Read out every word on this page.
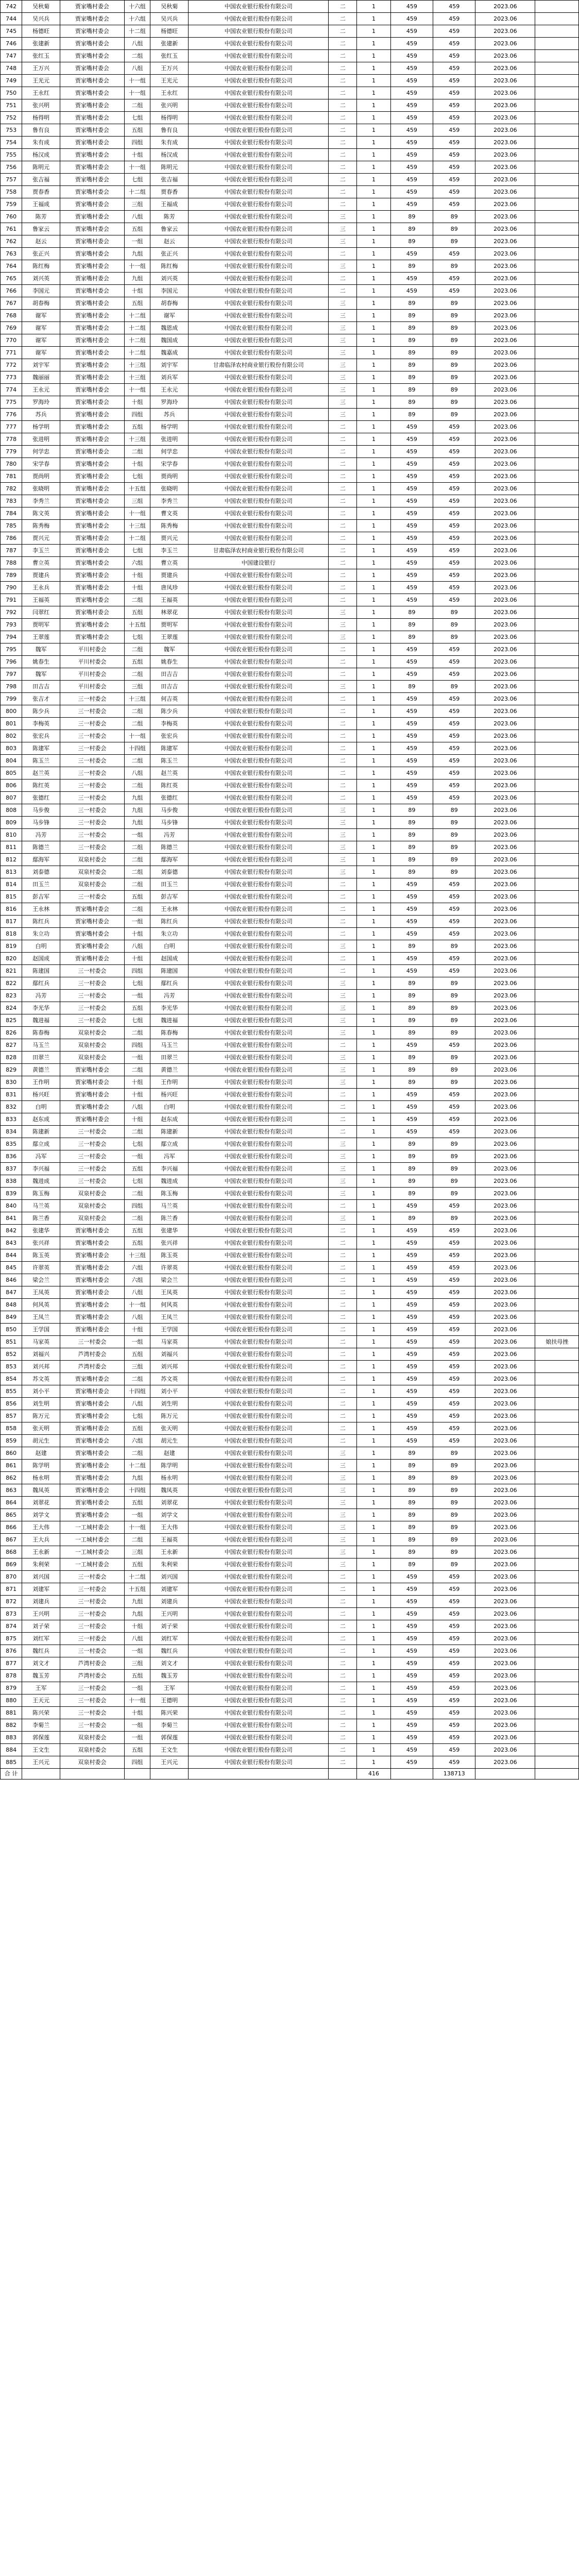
742	吴秋菊	贾家嘴村委会	十六组	吴秋菊	中国农业银行股份有限公司	二	1	459	459	2023.06	
744	吴兴兵	贾家嘴村委会	十六组	吴兴兵	中国农业银行股份有限公司	二	1	459	459	2023.06	
745	杨德旺	贾家嘴村委会	十二组	杨德旺	中国农业银行股份有限公司	二	1	459	459	2023.06	
746	张建新	贾家嘴村委会	八组	张建新	中国农业银行股份有限公司	二	1	459	459	2023.06	
747	张红玉	贾家嘴村委会	二组	张红玉	中国农业银行股份有限公司	二	1	459	459	2023.06	
748	王万兴	贾家嘴村委会	八组	王万兴	中国农业银行股份有限公司	二	1	459	459	2023.06	
749	王光元	贾家嘴村委会	十一组	王光元	中国农业银行股份有限公司	二	1	459	459	2023.06	
750	王永红	贾家嘴村委会	十一组	王永红	中国农业银行股份有限公司	二	1	459	459	2023.06	
751	张兴明	贾家嘴村委会	二组	张兴明	中国农业银行股份有限公司	二	1	459	459	2023.06	
752	杨得明	贾家嘴村委会	七组	杨得明	中国农业银行股份有限公司	二	1	459	459	2023.06	
753	鲁有良	贾家嘴村委会	五组	鲁有良	中国农业银行股份有限公司	二	1	459	459	2023.06	
754	朱有成	贾家嘴村委会	四组	朱有成	中国农业银行股份有限公司	二	1	459	459	2023.06	
755	杨汉成	贾家嘴村委会	十组	杨汉成	中国农业银行股份有限公司	二	1	459	459	2023.06	
756	陈明元	贾家嘴村委会	十一组	陈明元	中国农业银行股份有限公司	二	1	459	459	2023.06	
757	张吉福	贾家嘴村委会	七组	张吉福	中国农业银行股份有限公司	二	1	459	459	2023.06	
758	贾春香	贾家嘴村委会	十二组	贾春香	中国农业银行股份有限公司	二	1	459	459	2023.06	
759	王福成	贾家嘴村委会	三组	王福成	中国农业银行股份有限公司	二	1	459	459	2023.06	
760	陈芳	贾家嘴村委会	八组	陈芳	中国农业银行股份有限公司	三	1	89	89	2023.06	
761	鲁家云	贾家嘴村委会	五组	鲁家云	中国农业银行股份有限公司	三	1	89	89	2023.06	
762	赵云	贾家嘴村委会	一组	赵云	中国农业银行股份有限公司	三	1	89	89	2023.06	
763	张正兴	贾家嘴村委会	九组	张正兴	中国农业银行股份有限公司	二	1	459	459	2023.06	
764	陈红梅	贾家嘴村委会	十一组	陈红梅	中国农业银行股份有限公司	三	1	89	89	2023.06	
765	刘兴英	贾家嘴村委会	九组	刘兴英	中国农业银行股份有限公司	二	1	459	459	2023.06	
766	李国元	贾家嘴村委会	十组	李国元	中国农业银行股份有限公司	二	1	459	459	2023.06	
767	胡春梅	贾家嘴村委会	五组	胡春梅	中国农业银行股份有限公司	三	1	89	89	2023.06	
768	谢军	贾家嘴村委会	十二组	谢军	中国农业银行股份有限公司	三	1	89	89	2023.06	
769	谢军	贾家嘴村委会	十二组	魏恩成	中国农业银行股份有限公司	三	1	89	89	2023.06	
770	谢军	贾家嘴村委会	十二组	魏国成	中国农业银行股份有限公司	三	1	89	89	2023.06	
771	谢军	贾家嘴村委会	十二组	魏嘉成	中国农业银行股份有限公司	三	1	89	89	2023.06	
772	刘宇军	贾家嘴村委会	十三组	刘宇军	甘肃临泽农村商业银行股份有限公司	三	1	89	89	2023.06	
773	魏丽丽	贾家嘴村委会	十三组	刘兵军	中国农业银行股份有限公司	三	1	89	89	2023.06	
774	王永元	贾家嘴村委会	十一组	王永元	中国农业银行股份有限公司	三	1	89	89	2023.06	
775	罗海玲	贾家嘴村委会	十组	罗海玲	中国农业银行股份有限公司	三	1	89	89	2023.06	
776	苏兵	贾家嘴村委会	四组	苏兵	中国农业银行股份有限公司	三	1	89	89	2023.06	
777	杨学明	贾家嘴村委会	五组	杨学明	中国农业银行股份有限公司	二	1	459	459	2023.06	
778	张进明	贾家嘴村委会	十三组	张进明	中国农业银行股份有限公司	二	1	459	459	2023.06	
779	何学忠	贾家嘴村委会	二组	何学忠	中国农业银行股份有限公司	二	1	459	459	2023.06	
780	宋学春	贾家嘴村委会	十组	宋学春	中国农业银行股份有限公司	二	1	459	459	2023.06	
781	贾尚明	贾家嘴村委会	七组	贾尚明	中国农业银行股份有限公司	二	1	459	459	2023.06	
782	张晓明	贾家嘴村委会	十五组	张晓明	中国农业银行股份有限公司	二	1	459	459	2023.06	
783	李秀兰	贾家嘴村委会	三组	李秀兰	中国农业银行股份有限公司	二	1	459	459	2023.06	
784	陈文英	贾家嘴村委会	十一组	曹文英	中国农业银行股份有限公司	二	1	459	459	2023.06	
785	陈秀梅	贾家嘴村委会	十三组	陈秀梅	中国农业银行股份有限公司	二	1	459	459	2023.06	
786	贾兴元	贾家嘴村委会	十二组	贾兴元	中国农业银行股份有限公司	二	1	459	459	2023.06	
787	李玉兰	贾家嘴村委会	七组	李玉兰	甘肃临泽农村商业银行股份有限公司	二	1	459	459	2023.06	
788	曹立英	贾家嘴村委会	六组	曹立英	中国建设银行	二	1	459	459	2023.06	
789	贾建兵	贾家嘴村委会	十组	贾建兵	中国农业银行股份有限公司	二	1	459	459	2023.06	
790	王永兵	贾家嘴村委会	十组	唐凤珍	中国农业银行股份有限公司	二	1	459	459	2023.06	
791	王福英	贾家嘴村委会	二组	王福英	中国农业银行股份有限公司	二	1	459	459	2023.06	
792	闫翠红	贾家嘴村委会	五组	林翠花	中国农业银行股份有限公司	三	1	89	89	2023.06	
793	贾明军	贾家嘴村委会	十五组	贾明军	中国农业银行股份有限公司	三	1	89	89	2023.06	
794	王翠莲	贾家嘴村委会	七组	王翠莲	中国农业银行股份有限公司	三	1	89	89	2023.06	
795	魏军	平川村委会	二组	魏军	中国农业银行股份有限公司	二	1	459	459	2023.06	
796	姚春生	平川村委会	五组	姚春生	中国农业银行股份有限公司	二	1	459	459	2023.06	
797	魏军	平川村委会	二组	田吉吉	中国农业银行股份有限公司	二	1	459	459	2023.06	
798	田吉吉	平川村委会	三组	田吉吉	中国农业银行股份有限公司	三	1	89	89	2023.06	
799	张吉才	三一村委会	十三组	何吉英	中国农业银行股份有限公司	二	1	459	459	2023.06	
800	陈少兵	三一村委会	二组	陈少兵	中国农业银行股份有限公司	二	1	459	459	2023.06	
801	李梅英	三一村委会	二组	李梅英	中国农业银行股份有限公司	二	1	459	459	2023.06	
802	张宏兵	三一村委会	十一组	张宏兵	中国农业银行股份有限公司	二	1	459	459	2023.06	
803	陈建军	三一村委会	十四组	陈建军	中国农业银行股份有限公司	二	1	459	459	2023.06	
804	陈玉兰	三一村委会	二组	陈玉兰	中国农业银行股份有限公司	二	1	459	459	2023.06	
805	赵兰英	三一村委会	八组	赵兰英	中国农业银行股份有限公司	二	1	459	459	2023.06	
806	陈红英	三一村委会	二组	陈红英	中国农业银行股份有限公司	二	1	459	459	2023.06	
807	张德红	三一村委会	九组	张德红	中国农业银行股份有限公司	二	1	459	459	2023.06	
808	马步俊	三一村委会	九组	马步俊	中国农业银行股份有限公司	三	1	89	89	2023.06	
809	马步锋	三一村委会	九组	马步锋	中国农业银行股份有限公司	三	1	89	89	2023.06	
810	冯芳	三一村委会	一组	冯芳	中国农业银行股份有限公司	三	1	89	89	2023.06	
811	陈德兰	三一村委会	二组	陈德兰	中国农业银行股份有限公司	三	1	89	89	2023.06	
812	鄢海军	双泉村委会	二组	鄢海军	中国农业银行股份有限公司	三	1	89	89	2023.06	
813	刘泰德	双泉村委会	二组	刘泰德	中国农业银行股份有限公司	三	1	89	89	2023.06	
814	田玉兰	双泉村委会	二组	田玉兰	中国农业银行股份有限公司	二	1	459	459	2023.06	
815	彭吉军	三一村委会	五组	彭吉军	中国农业银行股份有限公司	二	1	459	459	2023.06	
816	王永林	贾家嘴村委会	二组	王永林	中国农业银行股份有限公司	二	1	459	459	2023.06	
817	陈红兵	贾家嘴村委会	一组	陈红兵	中国农业银行股份有限公司	二	1	459	459	2023.06	
818	朱立功	贾家嘴村委会	十组	朱立功	中国农业银行股份有限公司	二	1	459	459	2023.06	
819	白明	贾家嘴村委会	八组	白明	中国农业银行股份有限公司	三	1	89	89	2023.06	
820	赵国成	贾家嘴村委会	十组	赵国成	中国农业银行股份有限公司	二	1	459	459	2023.06	
821	陈建国	三一村委会	四组	陈建国	中国农业银行股份有限公司	二	1	459	459	2023.06	
822	鄢红兵	三一村委会	七组	鄢红兵	中国农业银行股份有限公司	三	1	89	89	2023.06	
823	冯芳	三一村委会	一组	冯芳	中国农业银行股份有限公司	三	1	89	89	2023.06	
824	李光华	三一村委会	五组	李光华	中国农业银行股份有限公司	三	1	89	89	2023.06	
825	魏进福	三一村委会	七组	魏进福	中国农业银行股份有限公司	三	1	89	89	2023.06	
826	陈春梅	双泉村委会	二组	陈春梅	中国农业银行股份有限公司	三	1	89	89	2023.06	
827	马玉兰	双泉村委会	四组	马玉兰	中国农业银行股份有限公司	二	1	459	459	2023.06	
828	田翠兰	双泉村委会	一组	田翠兰	中国农业银行股份有限公司	三	1	89	89	2023.06	
829	黄德兰	贾家嘴村委会	二组	黄德兰	中国农业银行股份有限公司	三	1	89	89	2023.06	
830	王作明	贾家嘴村委会	十组	王作明	中国农业银行股份有限公司	三	1	89	89	2023.06	
831	杨兴旺	贾家嘴村委会	十组	杨兴旺	中国农业银行股份有限公司	二	1	459	459	2023.06	
832	白明	贾家嘴村委会	八组	白明	中国农业银行股份有限公司	二	1	459	459	2023.06	
833	赵东成	贾家嘴村委会	十组	赵东成	中国农业银行股份有限公司	二	1	459	459	2023.06	
834	陈建新	三一村委会	二组	陈建新	中国农业银行股份有限公司	二	1	459	459	2023.06	
835	鄢立成	三一村委会	七组	鄢立成	中国农业银行股份有限公司	三	1	89	89	2023.06	
836	冯军	三一村委会	一组	冯军	中国农业银行股份有限公司	三	1	89	89	2023.06	
837	李兴福	三一村委会	五组	李兴福	中国农业银行股份有限公司	三	1	89	89	2023.06	
838	魏进成	三一村委会	七组	魏进成	中国农业银行股份有限公司	三	1	89	89	2023.06	
839	陈玉梅	双泉村委会	二组	陈玉梅	中国农业银行股份有限公司	三	1	89	89	2023.06	
840	马兰英	双泉村委会	四组	马兰英	中国农业银行股份有限公司	二	1	459	459	2023.06	
841	陈兰香	双泉村委会	二组	陈兰香	中国农业银行股份有限公司	三	1	89	89	2023.06	
842	张建华	贾家嘴村委会	五组	张建华	中国农业银行股份有限公司	二	1	459	459	2023.06	
843	张兴祥	贾家嘴村委会	五组	张兴祥	中国农业银行股份有限公司	二	1	459	459	2023.06	
844	陈玉英	贾家嘴村委会	十三组	陈玉英	中国农业银行股份有限公司	二	1	459	459	2023.06	
845	许翠英	贾家嘴村委会	六组	许翠英	中国农业银行股份有限公司	二	1	459	459	2023.06	
846	梁会兰	贾家嘴村委会	六组	梁会兰	中国农业银行股份有限公司	二	1	459	459	2023.06	
847	王凤英	贾家嘴村委会	八组	王凤英	中国农业银行股份有限公司	二	1	459	459	2023.06	
848	何风英	贾家嘴村委会	十一组	何风英	中国农业银行股份有限公司	二	1	459	459	2023.06	
849	王凤兰	贾家嘴村委会	八组	王凤兰	中国农业银行股份有限公司	二	1	459	459	2023.06	
850	王学国	贾家嘴村委会	十组	王学国	中国农业银行股份有限公司	二	1	459	459	2023.06	
851	马家英	三一村委会	一组	马家英	中国农业银行股份有限公司	二	1	459	459	2023.06	娘扶母挫
852	刘福兴	芦湾村委会	五组	刘福兴	中国农业银行股份有限公司	二	1	459	459	2023.06	
853	刘兴邦	芦湾村委会	三组	刘兴邦	中国农业银行股份有限公司	二	1	459	459	2023.06	
854	苏文英	贾家嘴村委会	二组	苏文英	中国农业银行股份有限公司	二	1	459	459	2023.06	
855	刘小平	贾家嘴村委会	十四组	刘小平	中国农业银行股份有限公司	二	1	459	459	2023.06	
856	刘生明	贾家嘴村委会	八组	刘生明	中国农业银行股份有限公司	二	1	459	459	2023.06	
857	陈万元	贾家嘴村委会	七组	陈万元	中国农业银行股份有限公司	二	1	459	459	2023.06	
858	张天明	贾家嘴村委会	五组	张天明	中国农业银行股份有限公司	二	1	459	459	2023.06	
859	胡元生	贾家嘴村委会	六组	胡元生	中国农业银行股份有限公司	二	1	459	459	2023.06	
860	赵建	贾家嘴村委会	二组	赵建	中国农业银行股份有限公司	三	1	89	89	2023.06	
861	陈学明	贾家嘴村委会	十二组	陈学明	中国农业银行股份有限公司	三	1	89	89	2023.06	
862	杨永明	贾家嘴村委会	九组	杨永明	中国农业银行股份有限公司	三	1	89	89	2023.06	
863	魏凤英	贾家嘴村委会	十四组	魏凤英	中国农业银行股份有限公司	三	1	89	89	2023.06	
864	刘翠花	贾家嘴村委会	五组	刘翠花	中国农业银行股份有限公司	三	1	89	89	2023.06	
865	刘学文	贾家嘴村委会	一组	刘学文	中国农业银行股份有限公司	三	1	89	89	2023.06	
866	王大伟	一工城村委会	十一组	王大伟	中国农业银行股份有限公司	三	1	89	89	2023.06	
867	王大兵	一工城村委会	二组	王福英	中国农业银行股份有限公司	三	1	89	89	2023.06	
868	王永新	一工城村委会	三组	王永新	中国农业银行股份有限公司	三	1	89	89	2023.06	
869	朱利荣	一工城村委会	五组	朱利荣	中国农业银行股份有限公司	三	1	89	89	2023.06	
870	刘兴国	三一村委会	十二组	刘兴国	中国农业银行股份有限公司	二	1	459	459	2023.06	
871	刘建军	三一村委会	十五组	刘建军	中国农业银行股份有限公司	二	1	459	459	2023.06	
872	刘建兵	三一村委会	九组	刘建兵	中国农业银行股份有限公司	二	1	459	459	2023.06	
873	王兴明	三一村委会	九组	王兴明	中国农业银行股份有限公司	二	1	459	459	2023.06	
874	刘子荣	三一村委会	十组	刘子荣	中国农业银行股份有限公司	二	1	459	459	2023.06	
875	刘红军	三一村委会	八组	刘红军	中国农业银行股份有限公司	二	1	459	459	2023.06	
876	魏红兵	三一村委会	一组	魏红兵	中国农业银行股份有限公司	二	1	459	459	2023.06	
877	刘文才	芦湾村委会	三组	刘文才	中国农业银行股份有限公司	二	1	459	459	2023.06	
878	魏玉芳	芦湾村委会	五组	魏玉芳	中国农业银行股份有限公司	二	1	459	459	2023.06	
879	王军	三一村委会	一组	王军	中国农业银行股份有限公司	二	1	459	459	2023.06	
880	王天元	三一村委会	十一组	王德明	中国农业银行股份有限公司	二	1	459	459	2023.06	
881	陈兴荣	三一村委会	十组	陈兴荣	中国农业银行股份有限公司	二	1	459	459	2023.06	
882	李菊兰	三一村委会	一组	李菊兰	中国农业银行股份有限公司	二	1	459	459	2023.06	
883	郭保莲	双泉村委会	一组	郭保莲	中国农业银行股份有限公司	二	1	459	459	2023.06	
884	王文生	双泉村委会	五组	王文生	中国农业银行股份有限公司	二	1	459	459	2023.06	
885	王兴元	双泉村委会	四组	王兴元	中国农业银行股份有限公司	二	1	459	459	2023.06	
合 计							416		138713		
